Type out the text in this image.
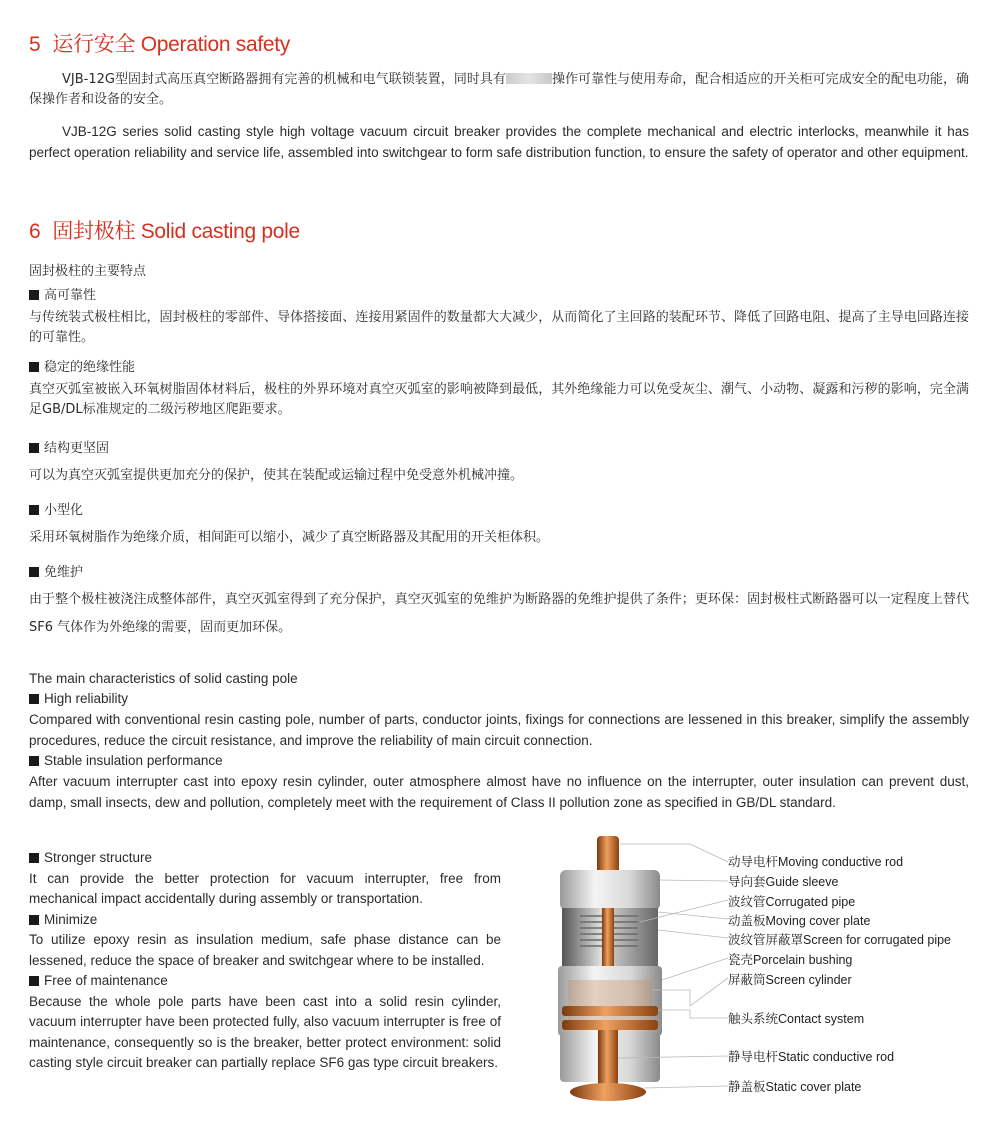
5 运行安全 Operation safety

VJB-12G型固封式高压真空断路器拥有完善的机械和电气联锁装置，同时具有	操作可靠性与使用寿命，配合相适应的开关柜可完成安全的配电功能，确保操作者和设备的安全。

VJB-12G series solid casting style high voltage vacuum circuit breaker provides the complete mechanical and electric interlocks, meanwhile it has perfect operation reliability and service life, assembled into switchgear to form safe distribution function, to ensure the safety of operator and other equipment.

6 固封极柱 Solid casting pole

固封极柱的主要特点

高可靠性

与传统装式极柱相比，固封极柱的零部件、导体搭接面、连接用紧固件的数量都大大减少，从而简化了主回路的装配环节、降低了回路电阻、提高了主导电回路连接的可靠性。

稳定的绝缘性能

真空灭弧室被嵌入环氧树脂固体材料后，极柱的外界环境对真空灭弧室的影响被降到最低，其外绝缘能力可以免受灰尘、潮气、小动物、凝露和污秽的影响，完全满足GB/DL标准规定的二级污秽地区爬距要求。

结构更坚固

可以为真空灭弧室提供更加充分的保护，使其在装配或运输过程中免受意外机械冲撞。

小型化

采用环氧树脂作为绝缘介质，相间距可以缩小，减少了真空断路器及其配用的开关柜体积。

免维护

由于整个极柱被浇注成整体部件，真空灭弧室得到了充分保护，真空灭弧室的免维护为断路器的免维护提供了条件；更环保：固封极柱式断路器可以一定程度上替代SF6 气体作为外绝缘的需要，固而更加环保。

The main characteristics of solid casting pole

High reliability

Compared with conventional resin casting pole, number of parts, conductor joints, fixings for connections are lessened in this breaker, simplify the assembly procedures, reduce the circuit resistance, and improve the reliability of main circuit connection.

Stable insulation performance

After vacuum interrupter cast into epoxy resin cylinder, outer atmosphere almost have no influence on the interrupter, outer insulation can prevent dust, damp, small insects, dew and pollution, completely meet with the requirement of Class II pollution zone as specified in GB/DL standard.

Stronger structure

It can provide the better protection for vacuum interrupter, free from mechanical impact accidentally during assembly or transportation.

Minimize

To utilize epoxy resin as insulation medium, safe phase distance can be lessened, reduce the space of breaker and switchgear where to be installed.

Free of maintenance

Because the whole pole parts have been cast into a solid resin cylinder, vacuum interrupter have been protected fully, also vacuum interrupter is free of maintenance, consequently so is the breaker, better protect environment: solid casting style circuit breaker can partially replace SF6 gas type circuit breakers.

动导电杆Moving conductive rod
导向套Guide sleeve
波纹管Corrugated pipe
动盖板Moving cover plate
波纹管屏蔽罩Screen for corrugated pipe
瓷壳Porcelain bushing
屏蔽筒Screen cylinder
触头系统Contact system
静导电杆Static conductive rod
静盖板Static cover plate
